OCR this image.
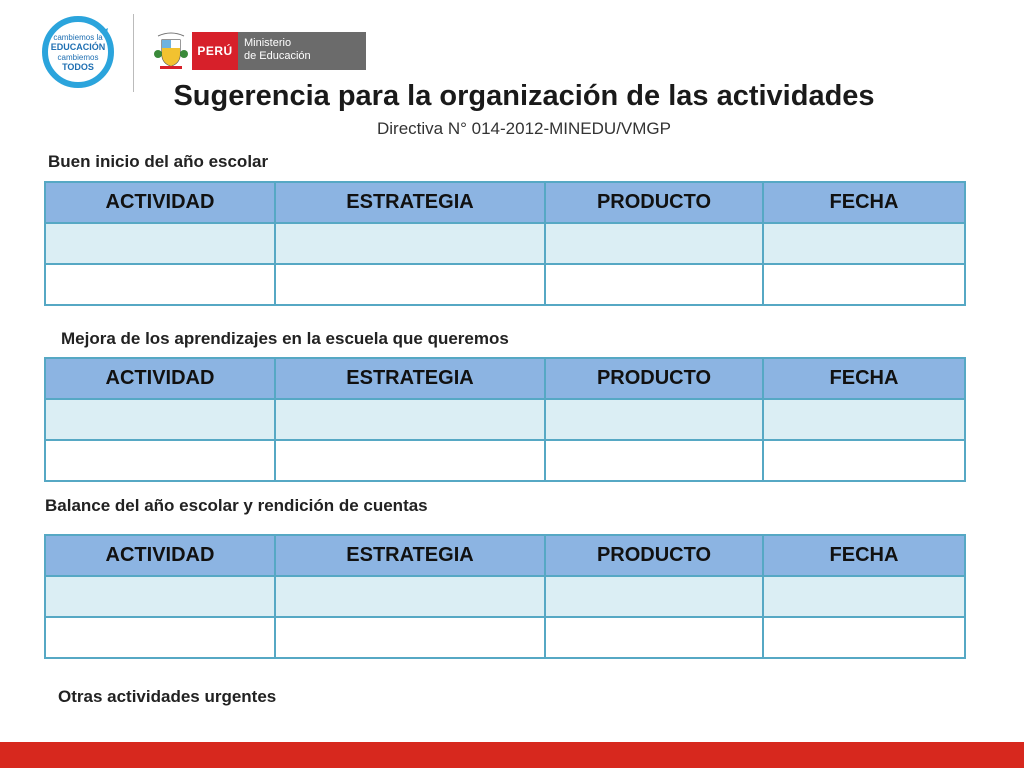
cambiemos la
EDUCACIÓN
cambiemos
TODOS
PERÚ
Ministerio
de Educación
Sugerencia para la organización de las actividades
Directiva N° 014-2012-MINEDU/VMGP
Buen inicio del año escolar
ACTIVIDAD	ESTRATEGIA	PRODUCTO	FECHA

Mejora de los aprendizajes en la escuela que queremos
ACTIVIDAD	ESTRATEGIA	PRODUCTO	FECHA

Balance del año escolar y rendición de cuentas
ACTIVIDAD	ESTRATEGIA	PRODUCTO	FECHA

Otras actividades urgentes
